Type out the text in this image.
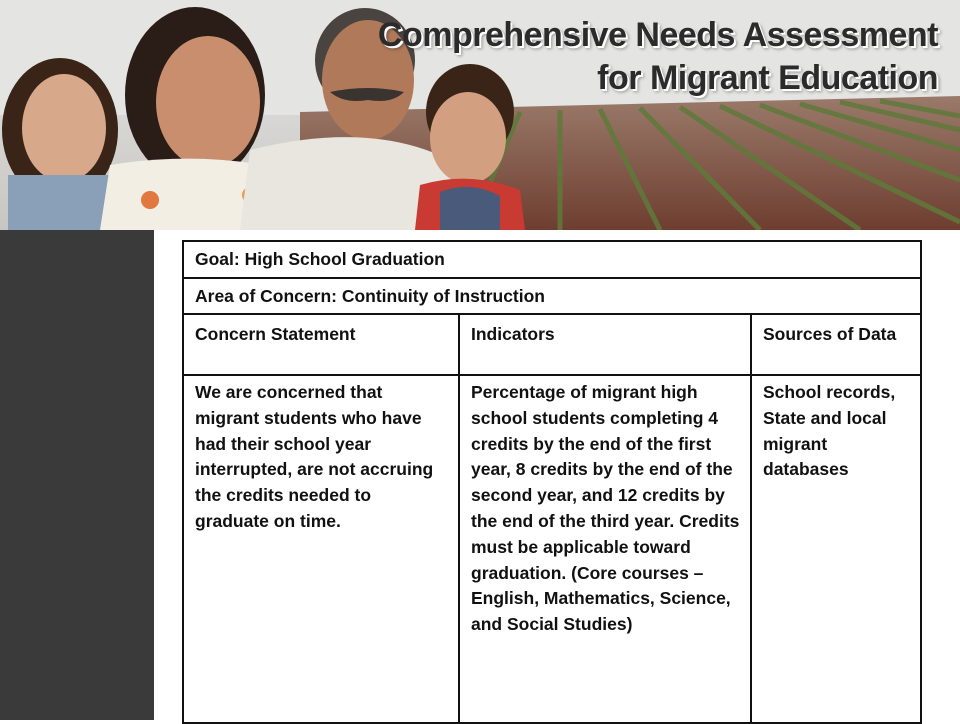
Comprehensive Needs Assessment
for Migrant Education
Goal: High School Graduation		
Area of Concern: Continuity of Instruction		
Concern Statement	Indicators	Sources of Data
We are concerned that migrant students who have had their school year interrupted, are not accruing the credits needed to graduate on time.	Percentage of migrant high school students completing 4 credits by the end of the first year, 8 credits by the end of the second year, and 12 credits by the end of the third year. Credits must be applicable toward graduation. (Core courses – English, Mathematics, Science, and Social Studies)	School records, State and local migrant databases
